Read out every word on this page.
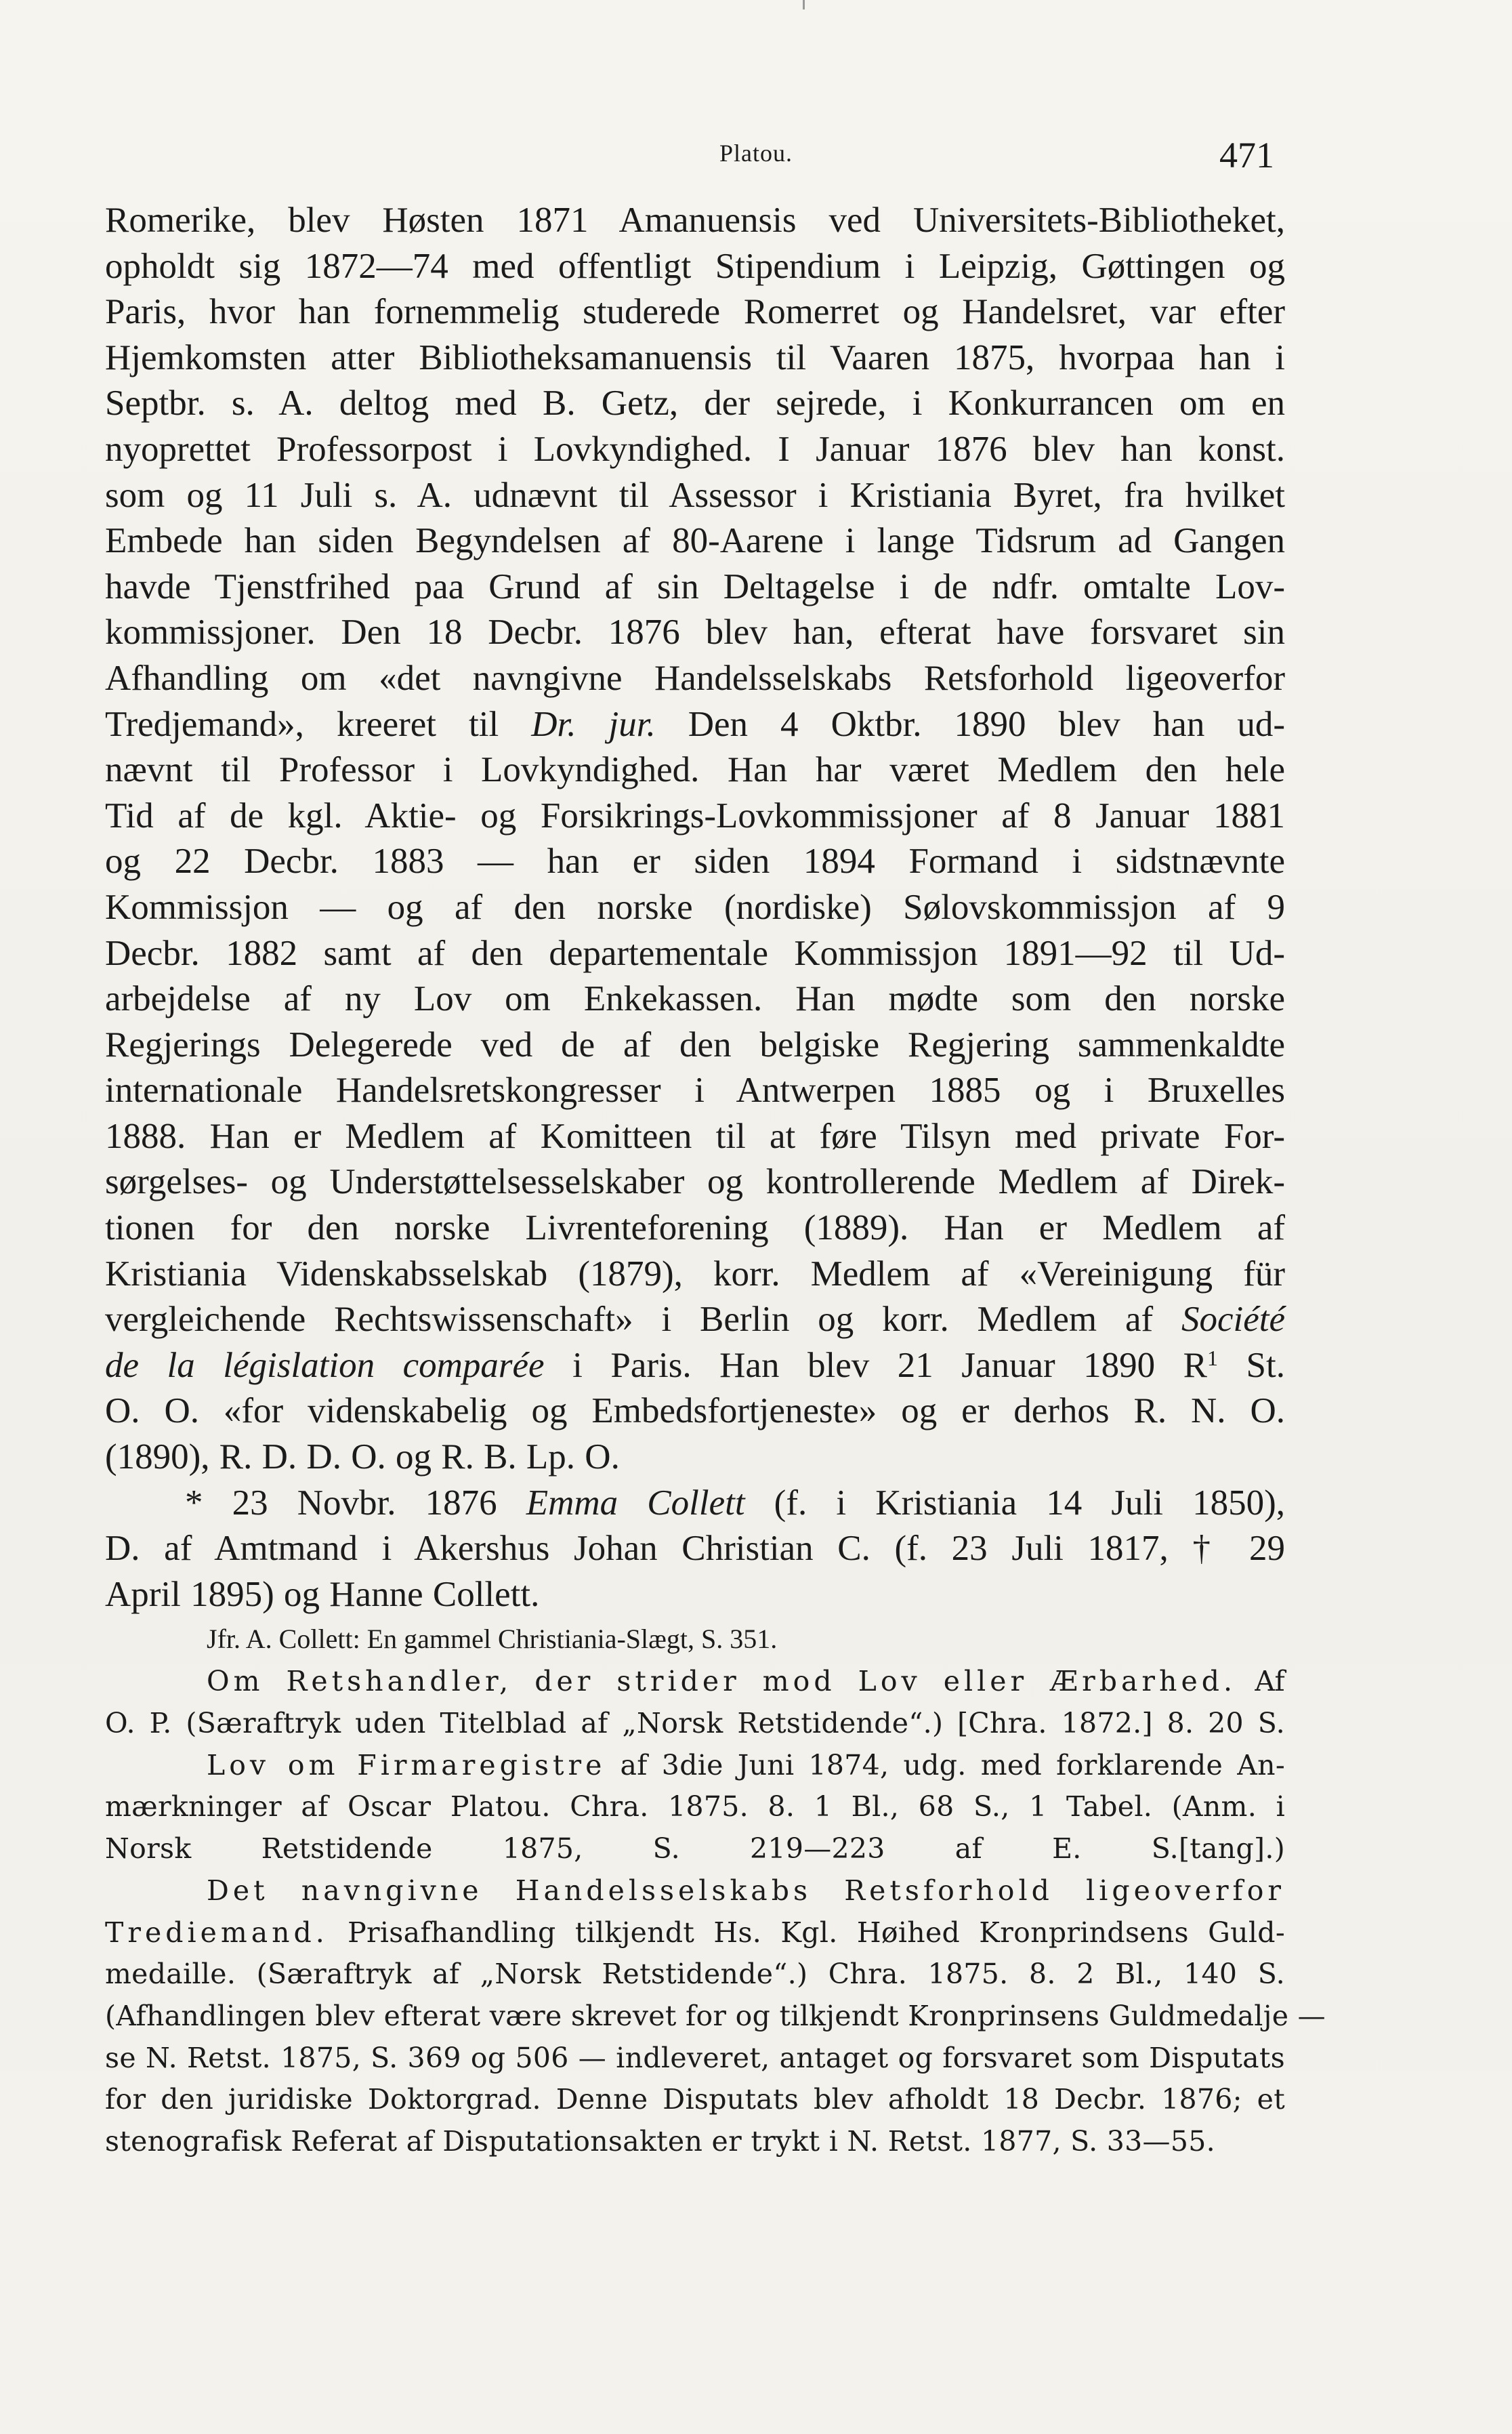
Platou.	471
Romerike, blev Høsten 1871 Amanuensis ved Universitets-Bibliotheket,
opholdt sig 1872—74 med offentligt Stipendium i Leipzig, Gøttingen og
Paris, hvor han fornemmelig studerede Romerret og Handelsret, var efter
Hjemkomsten atter Bibliotheksamanuensis til Vaaren 1875, hvorpaa han i
Septbr. s. A. deltog med B. Getz, der sejrede, i Konkurrancen om en
nyoprettet Professorpost i Lovkyndighed. I Januar 1876 blev han konst.
som og 11 Juli s. A. udnævnt til Assessor i Kristiania Byret, fra hvilket
Embede han siden Begyndelsen af 80-Aarene i lange Tidsrum ad Gangen
havde Tjenstfrihed paa Grund af sin Deltagelse i de ndfr. omtalte Lov-
kommissjoner. Den 18 Decbr. 1876 blev han, efterat have forsvaret sin
Afhandling om «det navngivne Handelsselskabs Retsforhold ligeoverfor
Tredjemand», kreeret til Dr. jur. Den 4 Oktbr. 1890 blev han ud-
nævnt til Professor i Lovkyndighed. Han har været Medlem den hele
Tid af de kgl. Aktie- og Forsikrings-Lovkommissjoner af 8 Januar 1881
og 22 Decbr. 1883 — han er siden 1894 Formand i sidstnævnte
Kommissjon — og af den norske (nordiske) Sølovskommissjon af 9
Decbr. 1882 samt af den departementale Kommissjon 1891—92 til Ud-
arbejdelse af ny Lov om Enkekassen. Han mødte som den norske
Regjerings Delegerede ved de af den belgiske Regjering sammenkaldte
internationale Handelsretskongresser i Antwerpen 1885 og i Bruxelles
1888. Han er Medlem af Komitteen til at føre Tilsyn med private For-
sørgelses- og Understøttelsesselskaber og kontrollerende Medlem af Direk-
tionen for den norske Livrenteforening (1889). Han er Medlem af
Kristiania Videnskabsselskab (1879), korr. Medlem af «Vereinigung für
vergleichende Rechtswissenschaft» i Berlin og korr. Medlem af Société
de la législation comparée i Paris. Han blev 21 Januar 1890 $R^1$ St.
O. O. «for videnskabelig og Embedsfortjeneste» og er derhos R. N. O.
(1890), R. D. D. O. og R. B. Lp. O.
* 23 Novbr. 1876 Emma Collett (f. i Kristiania 14 Juli 1850),
D. af Amtmand i Akershus Johan Christian C. (f. 23 Juli 1817, † 29
April 1895) og Hanne Collett.
Jfr. A. Collett: En gammel Christiania-Slægt, S. 351.
Om Retshandler, der strider mod Lov eller Ærbarhed. Af
O. P. (Særaftryk uden Titelblad af „Norsk Retstidende“.) [Chra. 1872.] 8. 20 S.
Lov om Firmaregistre af 3die Juni 1874, udg. med forklarende An-
mærkninger af Oscar Platou. Chra. 1875. 8. 1 Bl., 68 S., 1 Tabel. (Anm. i
Norsk Retstidende 1875, S. 219—223 af E. S.[tang].)
Det navngivne Handelsselskabs Retsforhold ligeoverfor
Trediemand. Prisafhandling tilkjendt Hs. Kgl. Høihed Kronprindsens Guld-
medaille. (Særaftryk af „Norsk Retstidende“.) Chra. 1875. 8. 2 Bl., 140 S.
(Afhandlingen blev efterat være skrevet for og tilkjendt Kronprinsens Guldmedalje —
se N. Retst. 1875, S. 369 og 506 — indleveret, antaget og forsvaret som Disputats
for den juridiske Doktorgrad. Denne Disputats blev afholdt 18 Decbr. 1876; et
stenografisk Referat af Disputationsakten er trykt i N. Retst. 1877, S. 33—55.
